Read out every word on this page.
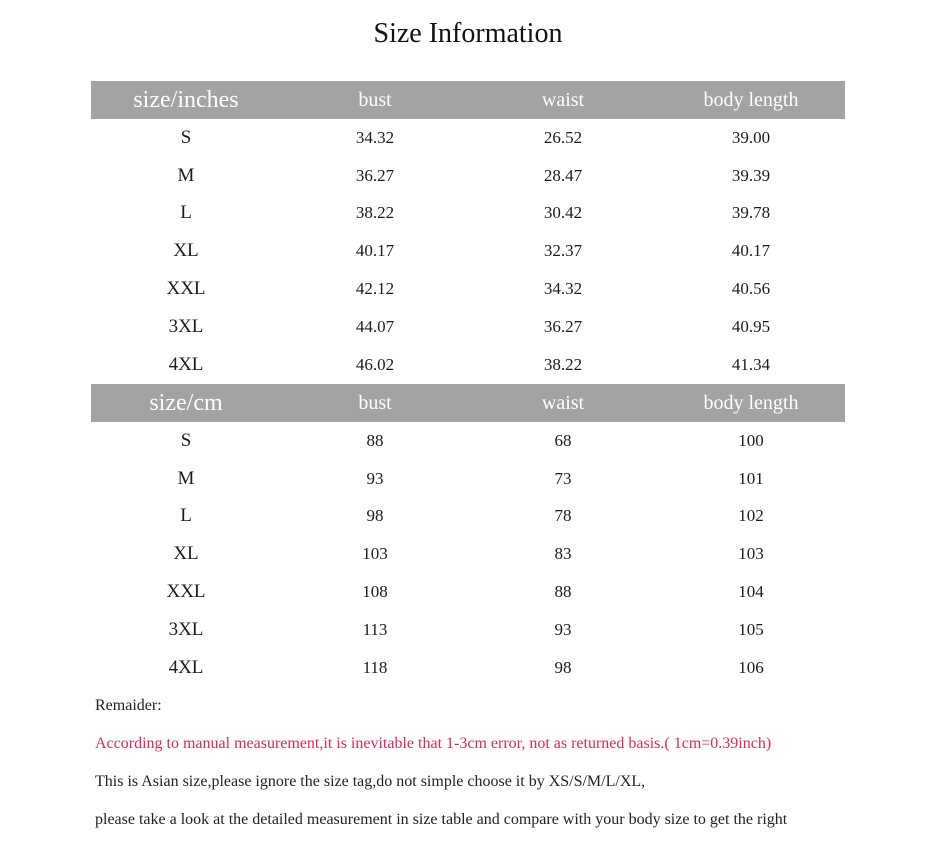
Size Information
size/inches	bust	waist	body length
S	34.32	26.52	39.00
M	36.27	28.47	39.39
L	38.22	30.42	39.78
XL	40.17	32.37	40.17
XXL	42.12	34.32	40.56
3XL	44.07	36.27	40.95
4XL	46.02	38.22	41.34
size/cm	bust	waist	body length
S	88	68	100
M	93	73	101
L	98	78	102
XL	103	83	103
XXL	108	88	104
3XL	113	93	105
4XL	118	98	106
Remaider:
According to manual measurement,it is inevitable that 1-3cm error, not as returned basis.( 1cm=0.39inch)
This is Asian size,please ignore the size tag,do not simple choose it by XS/S/M/L/XL,
please take a look at the detailed measurement in size table and compare with your body size to get the right
